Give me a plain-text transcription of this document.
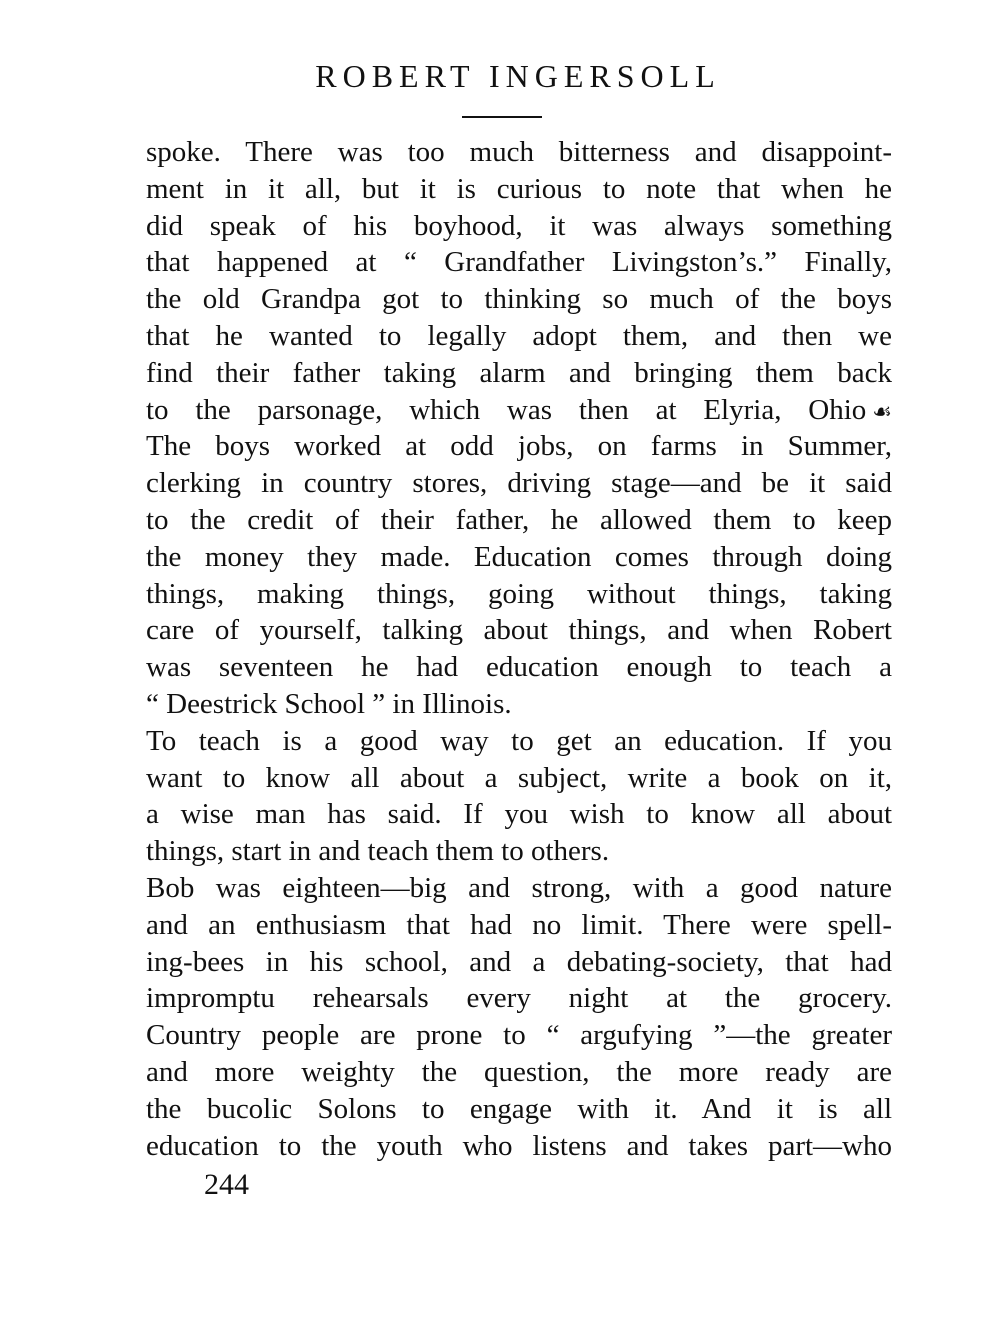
ROBERT INGERSOLL
spoke. There was too much bitterness and disappoint-
ment in it all, but it is curious to note that when he
did speak of his boyhood, it was always something
that happened at “ Grandfather Livingston’s.” Finally,
the old Grandpa got to thinking so much of the boys
that he wanted to legally adopt them, and then we
find their father taking alarm and bringing them back
to the parsonage, which was then at Elyria, Ohio ☙
The boys worked at odd jobs, on farms in Summer,
clerking in country stores, driving stage—and be it said
to the credit of their father, he allowed them to keep
the money they made. Education comes through doing
things, making things, going without things, taking
care of yourself, talking about things, and when Robert
was seventeen he had education enough to teach a
“ Deestrick School ” in Illinois.
To teach is a good way to get an education. If you
want to know all about a subject, write a book on it,
a wise man has said. If you wish to know all about
things, start in and teach them to others.
Bob was eighteen—big and strong, with a good nature
and an enthusiasm that had no limit. There were spell-
ing-bees in his school, and a debating-society, that had
impromptu rehearsals every night at the grocery.
Country people are prone to “ argufying ”—the greater
and more weighty the question, the more ready are
the bucolic Solons to engage with it. And it is all
education to the youth who listens and takes part—who
244
